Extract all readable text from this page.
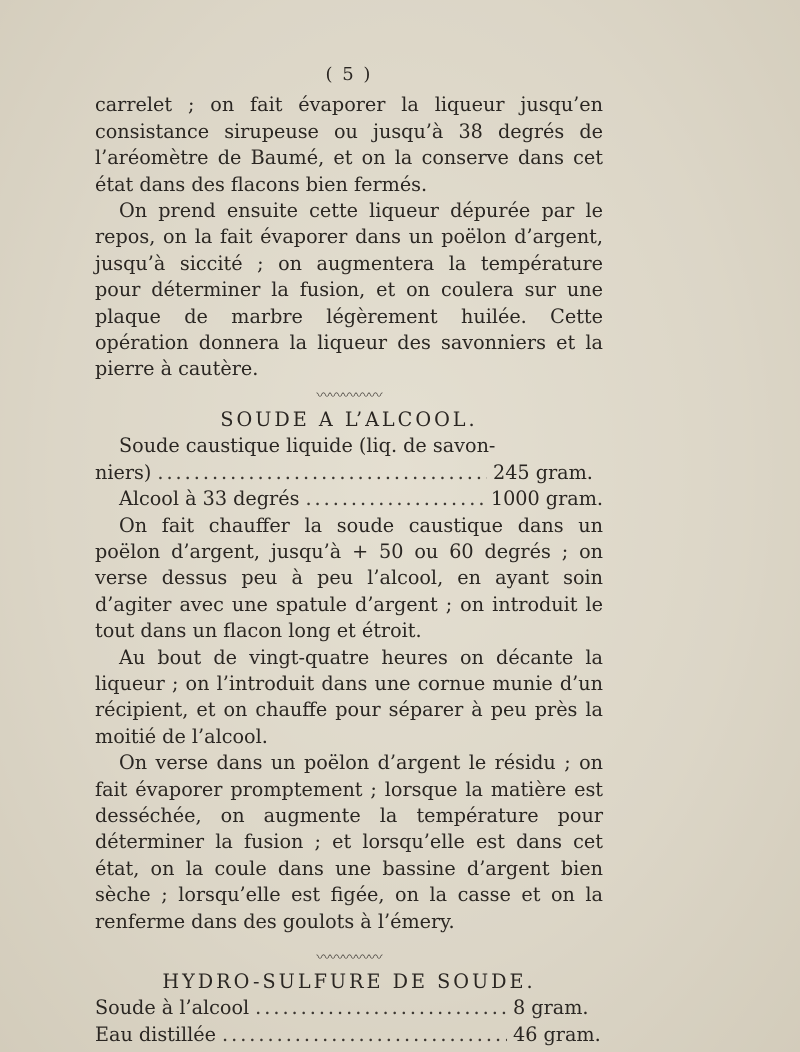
( 5 )

carrelet ; on fait évaporer la liqueur jusqu’en consistance sirupeuse ou jusqu’à 38 degrés de l’aréomètre de Baumé, et on la conserve dans cet état dans des flacons bien fermés.

On prend ensuite cette liqueur dépurée par le repos, on la fait évaporer dans un poëlon d’argent, jusqu’à siccité ; on augmentera la température pour déterminer la fusion, et on coulera sur une plaque de marbre légèrement huilée. Cette opération donnera la liqueur des savonniers et la pierre à cautère.

〰〰〰〰〰
SOUDE A L’ALCOOL.

Soude caustique liquide (liq. de savon-

niers) .....	245 gram.
Alcool à 33 degrés .....	1000 gram.

On fait chauffer la soude caustique dans un poëlon d’argent, jusqu’à + 50 ou 60 degrés ; on verse dessus peu à peu l’alcool, en ayant soin d’agiter avec une spatule d’argent ; on introduit le tout dans un flacon long et étroit.

Au bout de vingt-quatre heures on décante la liqueur ; on l’introduit dans une cornue munie d’un récipient, et on chauffe pour séparer à peu près la moitié de l’alcool.

On verse dans un poëlon d’argent le résidu ; on fait évaporer promptement ; lorsque la matière est desséchée, on augmente la température pour déterminer la fusion ; et lorsqu’elle est dans cet état, on la coule dans une bassine d’argent bien sèche ; lorsqu’elle est figée, on la casse et on la renferme dans des goulots à l’émery.

〰〰〰〰〰
HYDRO-SULFURE DE SOUDE.
Soude à l’alcool .....	8 gram.
Eau distillée .....	46 gram.
